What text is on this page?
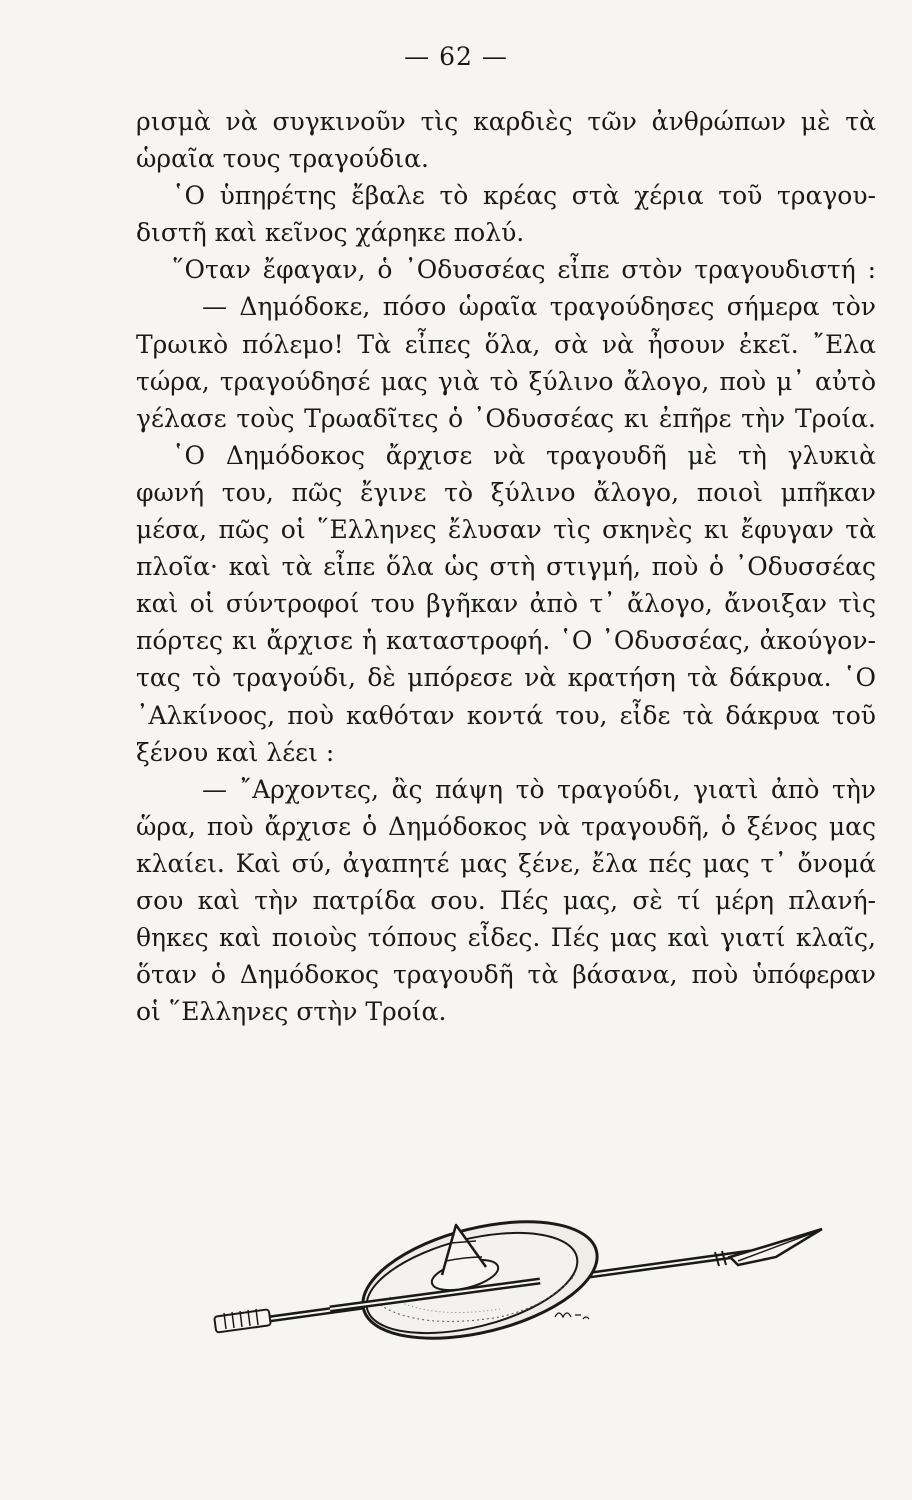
— 62 —
ρισμὰ νὰ συγκινοῦν τὶς καρδιὲς τῶν ἀνθρώπων μὲ τὰ
ὡραῖα τους τραγούδια.
῾Ο ὑπηρέτης ἔβαλε τὸ κρέας στὰ χέρια τοῦ τραγου-
διστῆ καὶ κεῖνος χάρηκε πολύ.
῞Οταν ἔφαγαν, ὁ ᾿Οδυσσέας εἶπε στὸν τραγουδιστή :
— Δημόδοκε, πόσο ὡραῖα τραγούδησες σήμερα τὸν
Τρωικὸ πόλεμο! Τὰ εἶπες ὅλα, σὰ νὰ ἦσουν ἐκεῖ. ῎Ελα
τώρα, τραγούδησέ μας γιὰ τὸ ξύλινο ἄλογο, ποὺ μ᾿ αὐτὸ
γέλασε τοὺς Τρωαδῖτες ὁ ᾿Οδυσσέας κι ἐπῆρε τὴν Τροία.
῾Ο Δημόδοκος ἄρχισε νὰ τραγουδῆ μὲ τὴ γλυκιὰ
φωνή του, πῶς ἔγινε τὸ ξύλινο ἄλογο, ποιοὶ μπῆκαν
μέσα, πῶς οἱ ῞Ελληνες ἔλυσαν τὶς σκηνὲς κι ἔφυγαν τὰ
πλοῖα· καὶ τὰ εἶπε ὅλα ὡς στὴ στιγμή, ποὺ ὁ ᾿Οδυσσέας
καὶ οἱ σύντροφοί του βγῆκαν ἀπὸ τ᾿ ἄλογο, ἄνοιξαν τὶς
πόρτες κι ἄρχισε ἡ καταστροφή. ῾Ο ᾿Οδυσσέας, ἀκούγον-
τας τὸ τραγούδι, δὲ μπόρεσε νὰ κρατήση τὰ δάκρυα. ῾Ο
᾿Αλκίνοος, ποὺ καθόταν κοντά του, εἶδε τὰ δάκρυα τοῦ
ξένου καὶ λέει :
— ῎Αρχοντες, ἂς πάψη τὸ τραγούδι, γιατὶ ἀπὸ τὴν
ὥρα, ποὺ ἄρχισε ὁ Δημόδοκος νὰ τραγουδῆ, ὁ ξένος μας
κλαίει. Καὶ σύ, ἀγαπητέ μας ξένε, ἔλα πές μας τ᾿ ὄνομά
σου καὶ τὴν πατρίδα σου. Πές μας, σὲ τί μέρη πλανή-
θηκες καὶ ποιοὺς τόπους εἶδες. Πές μας καὶ γιατί κλαῖς,
ὅταν ὁ Δημόδοκος τραγουδῆ τὰ βάσανα, ποὺ ὑπόφεραν
οἱ ῞Ελληνες στὴν Τροία.
